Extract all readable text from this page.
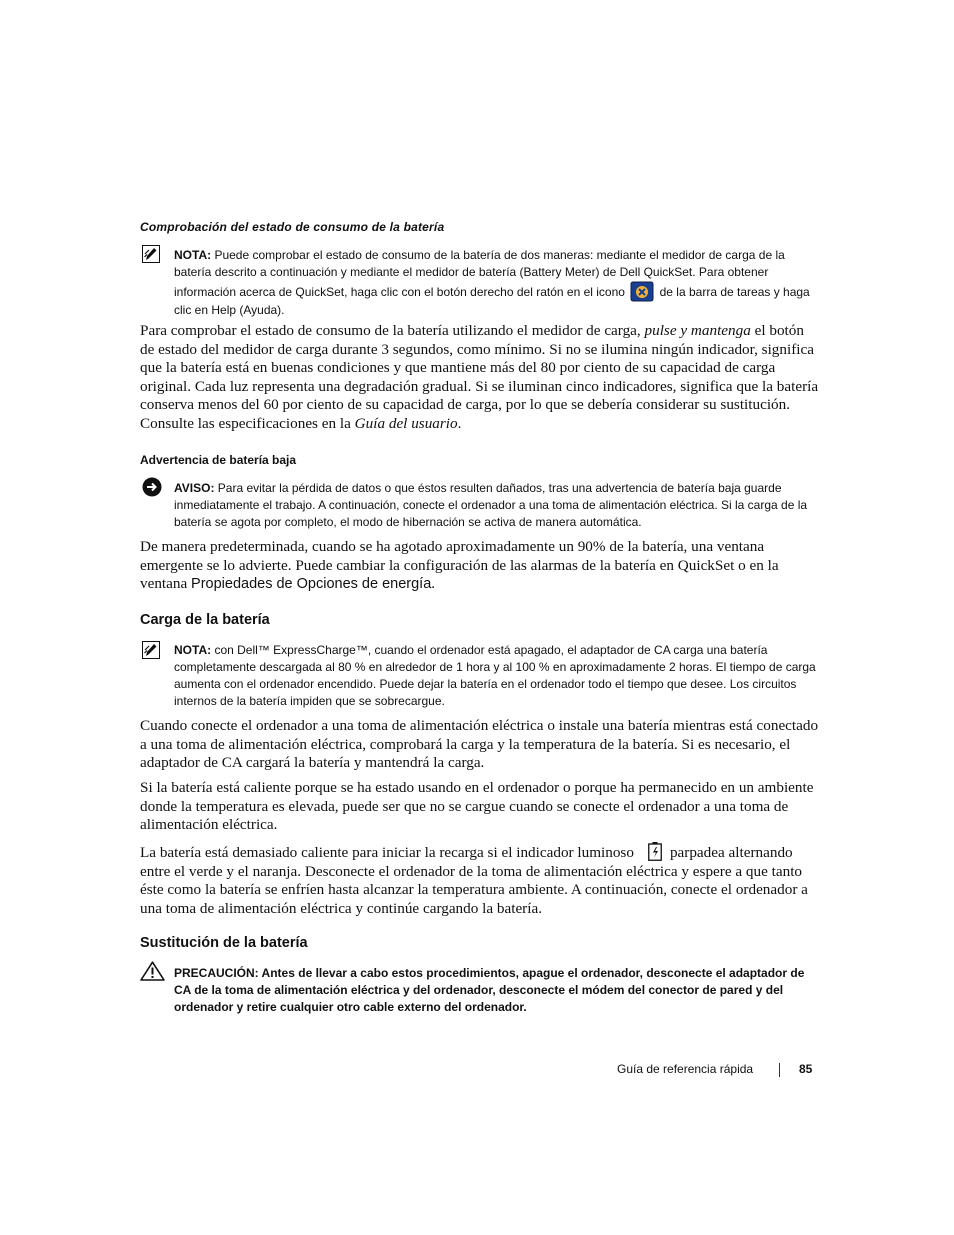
Comprobación del estado de consumo de la batería
NOTA: Puede comprobar el estado de consumo de la batería de dos maneras: mediante el medidor de carga de la batería descrito a continuación y mediante el medidor de batería (Battery Meter) de Dell QuickSet. Para obtener información acerca de QuickSet, haga clic con el botón derecho del ratón en el icono	de la barra de tareas y haga clic en Help (Ayuda).
Para comprobar el estado de consumo de la batería utilizando el medidor de carga, pulse y mantenga el botón de estado del medidor de carga durante 3 segundos, como mínimo. Si no se ilumina ningún indicador, significa que la batería está en buenas condiciones y que mantiene más del 80 por ciento de su capacidad de carga original. Cada luz representa una degradación gradual. Si se iluminan cinco indicadores, significa que la batería conserva menos del 60 por ciento de su capacidad de carga, por lo que se debería considerar su sustitución. Consulte las especificaciones en la Guía del usuario.
Advertencia de batería baja
AVISO: Para evitar la pérdida de datos o que éstos resulten dañados, tras una advertencia de batería baja guarde inmediatamente el trabajo. A continuación, conecte el ordenador a una toma de alimentación eléctrica. Si la carga de la batería se agota por completo, el modo de hibernación se activa de manera automática.
De manera predeterminada, cuando se ha agotado aproximadamente un 90% de la batería, una ventana emergente se lo advierte. Puede cambiar la configuración de las alarmas de la batería en QuickSet o en la ventana Propiedades de Opciones de energía.
Carga de la batería
NOTA: con Dell™ ExpressCharge™, cuando el ordenador está apagado, el adaptador de CA carga una batería completamente descargada al 80 % en alrededor de 1 hora y al 100 % en aproximadamente 2 horas. El tiempo de carga aumenta con el ordenador encendido. Puede dejar la batería en el ordenador todo el tiempo que desee. Los circuitos internos de la batería impiden que se sobrecargue.
Cuando conecte el ordenador a una toma de alimentación eléctrica o instale una batería mientras está conectado a una toma de alimentación eléctrica, comprobará la carga y la temperatura de la batería. Si es necesario, el adaptador de CA cargará la batería y mantendrá la carga.
Si la batería está caliente porque se ha estado usando en el ordenador o porque ha permanecido en un ambiente donde la temperatura es elevada, puede ser que no se cargue cuando se conecte el ordenador a una toma de alimentación eléctrica.
La batería está demasiado caliente para iniciar la recarga si el indicador luminoso parpadea alternando entre el verde y el naranja. Desconecte el ordenador de la toma de alimentación eléctrica y espere a que tanto éste como la batería se enfríen hasta alcanzar la temperatura ambiente. A continuación, conecte el ordenador a una toma de alimentación eléctrica y continúe cargando la batería.
Sustitución de la batería
PRECAUCIÓN: Antes de llevar a cabo estos procedimientos, apague el ordenador, desconecte el adaptador de CA de la toma de alimentación eléctrica y del ordenador, desconecte el módem del conector de pared y del ordenador y retire cualquier otro cable externo del ordenador.
Guía de referencia rápida	85
